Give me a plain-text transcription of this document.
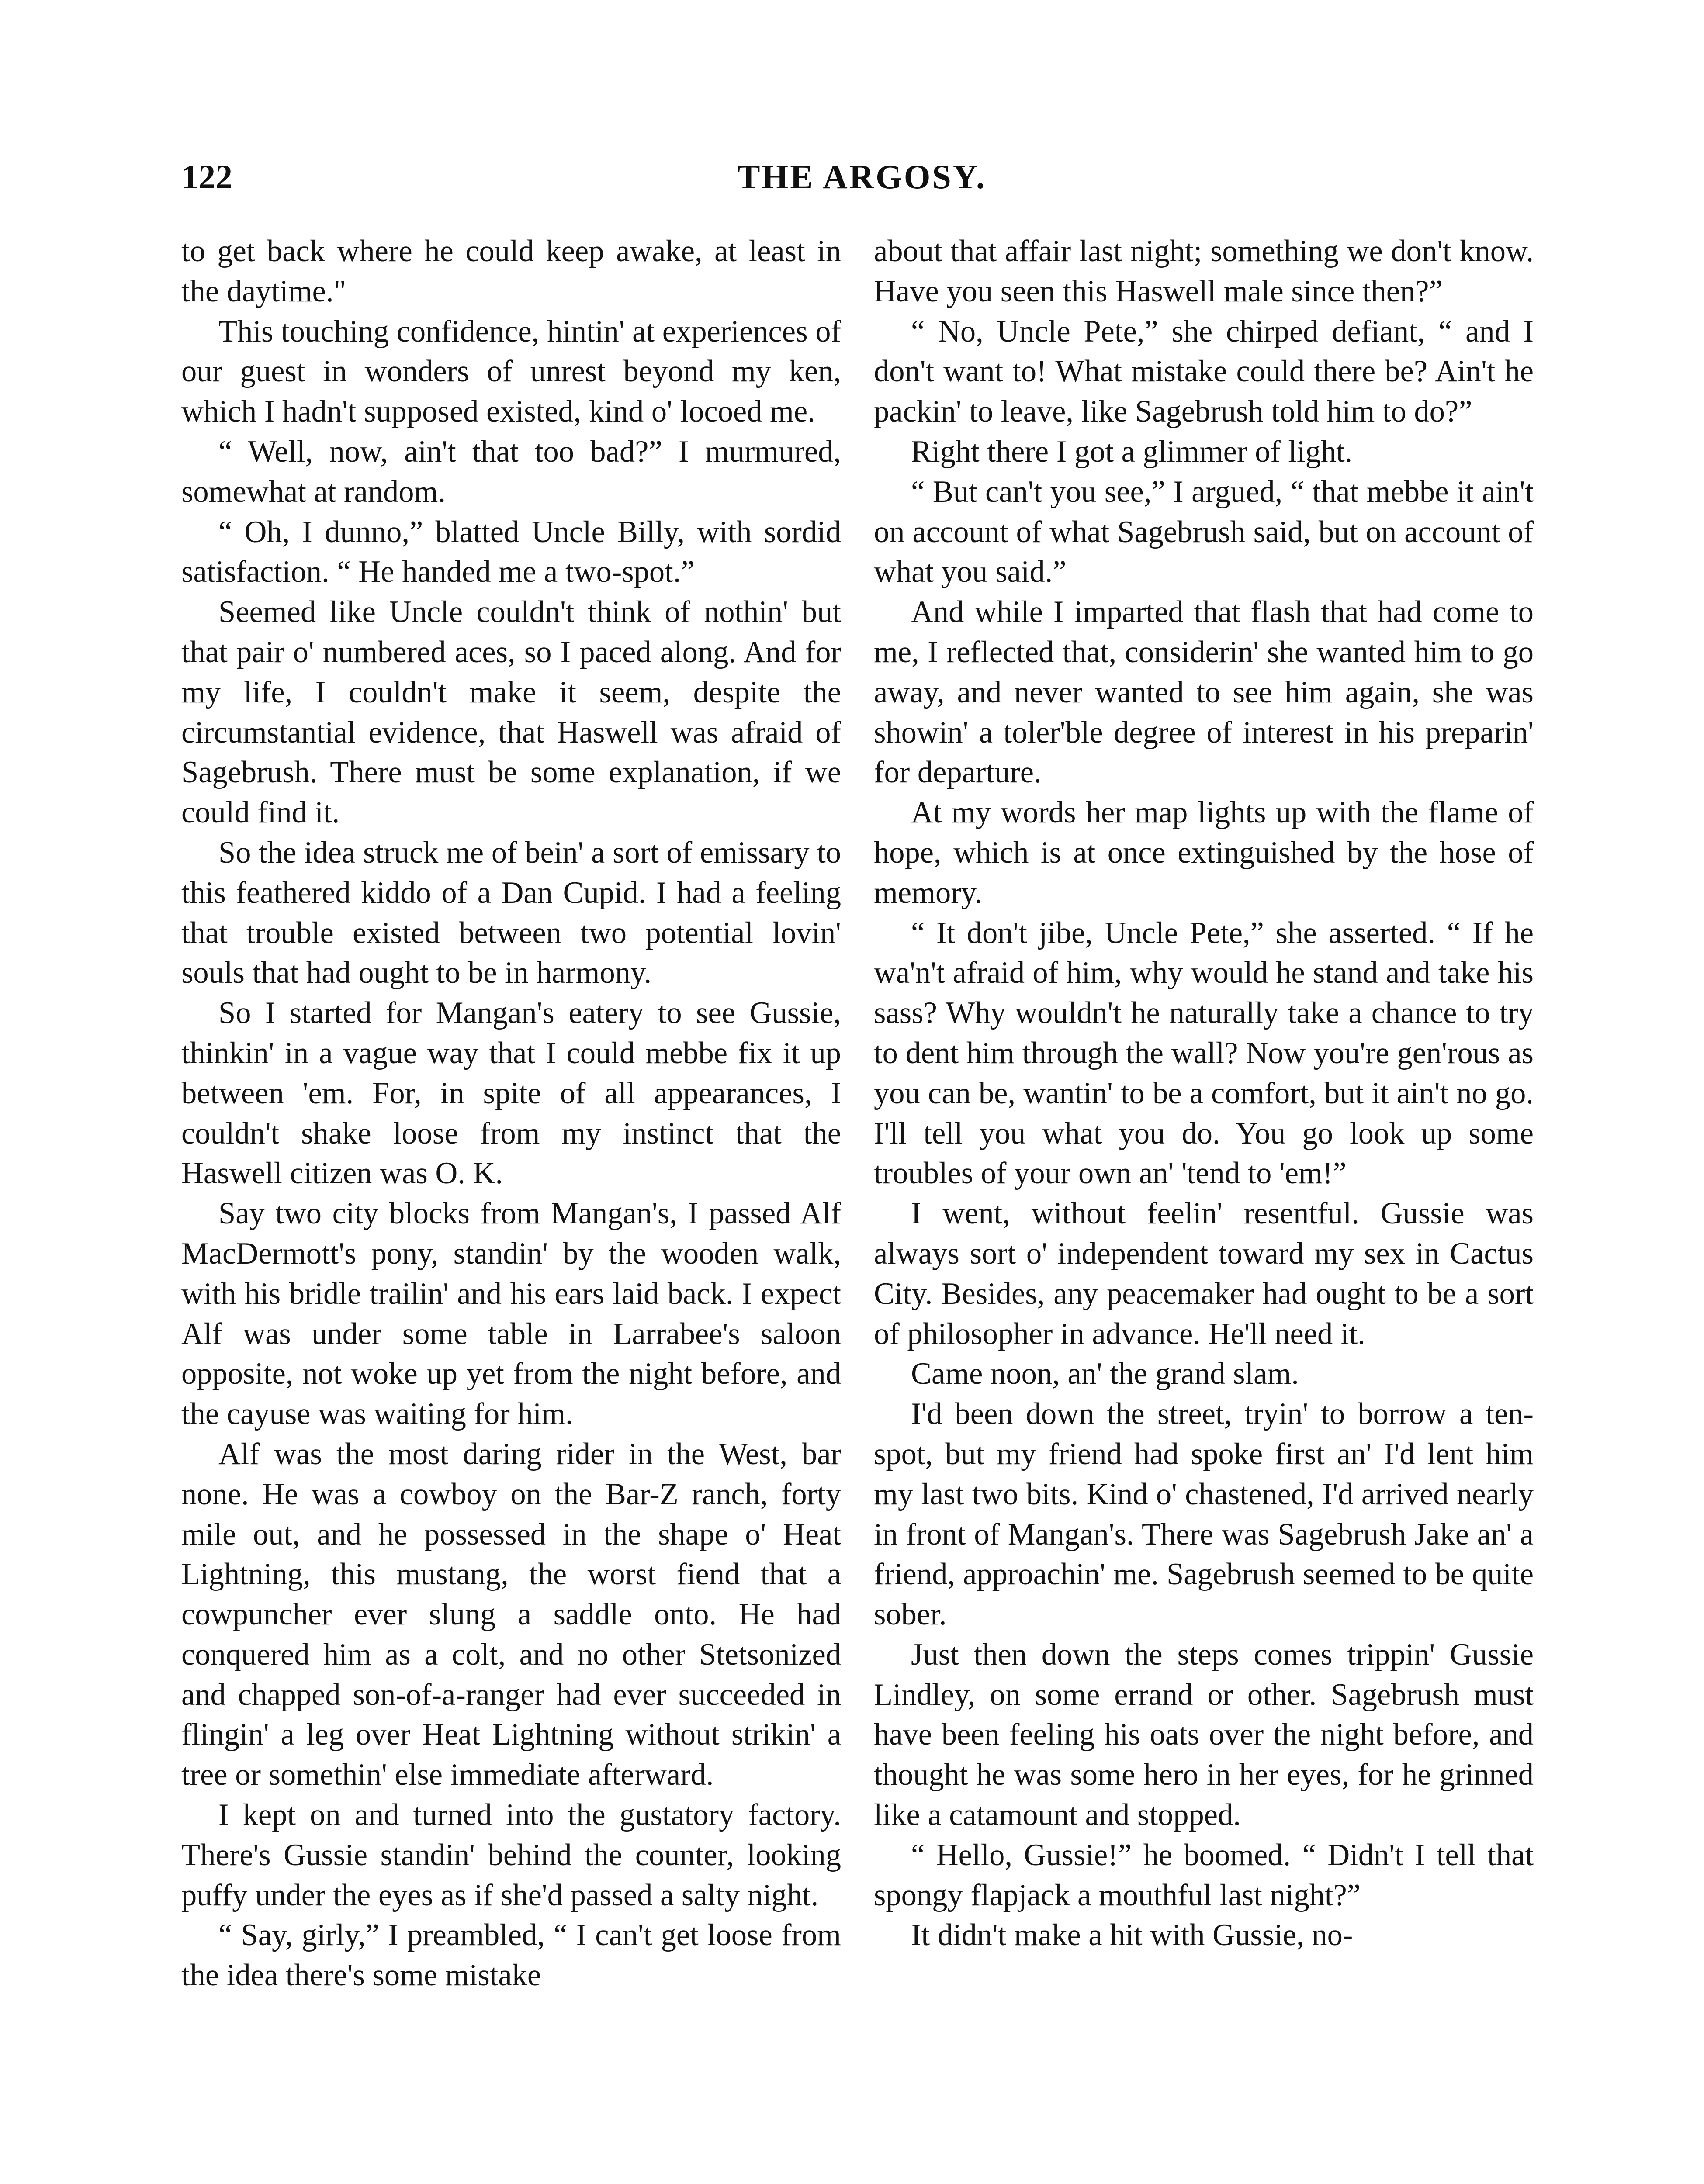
122	THE ARGOSY.

to get back where he could keep awake, at least in the daytime."

This touching confidence, hintin' at experiences of our guest in wonders of unrest beyond my ken, which I hadn't supposed existed, kind o' locoed me.

“ Well, now, ain't that too bad?” I murmured, somewhat at random.

“ Oh, I dunno,” blatted Uncle Billy, with sordid satisfaction. “ He handed me a two-spot.”

Seemed like Uncle couldn't think of nothin' but that pair o' numbered aces, so I paced along. And for my life, I couldn't make it seem, despite the circumstantial evidence, that Haswell was afraid of Sagebrush. There must be some explanation, if we could find it.

So the idea struck me of bein' a sort of emissary to this feathered kiddo of a Dan Cupid. I had a feeling that trouble existed between two potential lovin' souls that had ought to be in harmony.

So I started for Mangan's eatery to see Gussie, thinkin' in a vague way that I could mebbe fix it up between 'em. For, in spite of all appearances, I couldn't shake loose from my instinct that the Haswell citizen was O. K.

Say two city blocks from Mangan's, I passed Alf MacDermott's pony, standin' by the wooden walk, with his bridle trailin' and his ears laid back. I expect Alf was under some table in Larrabee's saloon opposite, not woke up yet from the night before, and the cayuse was waiting for him.

Alf was the most daring rider in the West, bar none. He was a cowboy on the Bar-Z ranch, forty mile out, and he possessed in the shape o' Heat Lightning, this mustang, the worst fiend that a cowpuncher ever slung a saddle onto. He had conquered him as a colt, and no other Stetsonized and chapped son-of-a-ranger had ever succeeded in flingin' a leg over Heat Lightning without strikin' a tree or somethin' else immediate afterward.

I kept on and turned into the gustatory factory. There's Gussie standin' behind the counter, looking puffy under the eyes as if she'd passed a salty night.

“ Say, girly,” I preambled, “ I can't get loose from the idea there's some mistake

about that affair last night; something we don't know. Have you seen this Haswell male since then?”

“ No, Uncle Pete,” she chirped defiant, “ and I don't want to! What mistake could there be? Ain't he packin' to leave, like Sagebrush told him to do?”

Right there I got a glimmer of light.

“ But can't you see,” I argued, “ that mebbe it ain't on account of what Sagebrush said, but on account of what you said.”

And while I imparted that flash that had come to me, I reflected that, considerin' she wanted him to go away, and never wanted to see him again, she was showin' a toler'ble degree of interest in his preparin' for departure.

At my words her map lights up with the flame of hope, which is at once extinguished by the hose of memory.

“ It don't jibe, Uncle Pete,” she asserted. “ If he wa'n't afraid of him, why would he stand and take his sass? Why wouldn't he naturally take a chance to try to dent him through the wall? Now you're gen'rous as you can be, wantin' to be a comfort, but it ain't no go. I'll tell you what you do. You go look up some troubles of your own an' 'tend to 'em!”

I went, without feelin' resentful. Gussie was always sort o' independent toward my sex in Cactus City. Besides, any peacemaker had ought to be a sort of philosopher in advance. He'll need it.

Came noon, an' the grand slam.

I'd been down the street, tryin' to borrow a ten-spot, but my friend had spoke first an' I'd lent him my last two bits. Kind o' chastened, I'd arrived nearly in front of Mangan's. There was Sagebrush Jake an' a friend, approachin' me. Sagebrush seemed to be quite sober.

Just then down the steps comes trippin' Gussie Lindley, on some errand or other. Sagebrush must have been feeling his oats over the night before, and thought he was some hero in her eyes, for he grinned like a catamount and stopped.

“ Hello, Gussie!” he boomed. “ Didn't I tell that spongy flapjack a mouthful last night?”

It didn't make a hit with Gussie, no-
